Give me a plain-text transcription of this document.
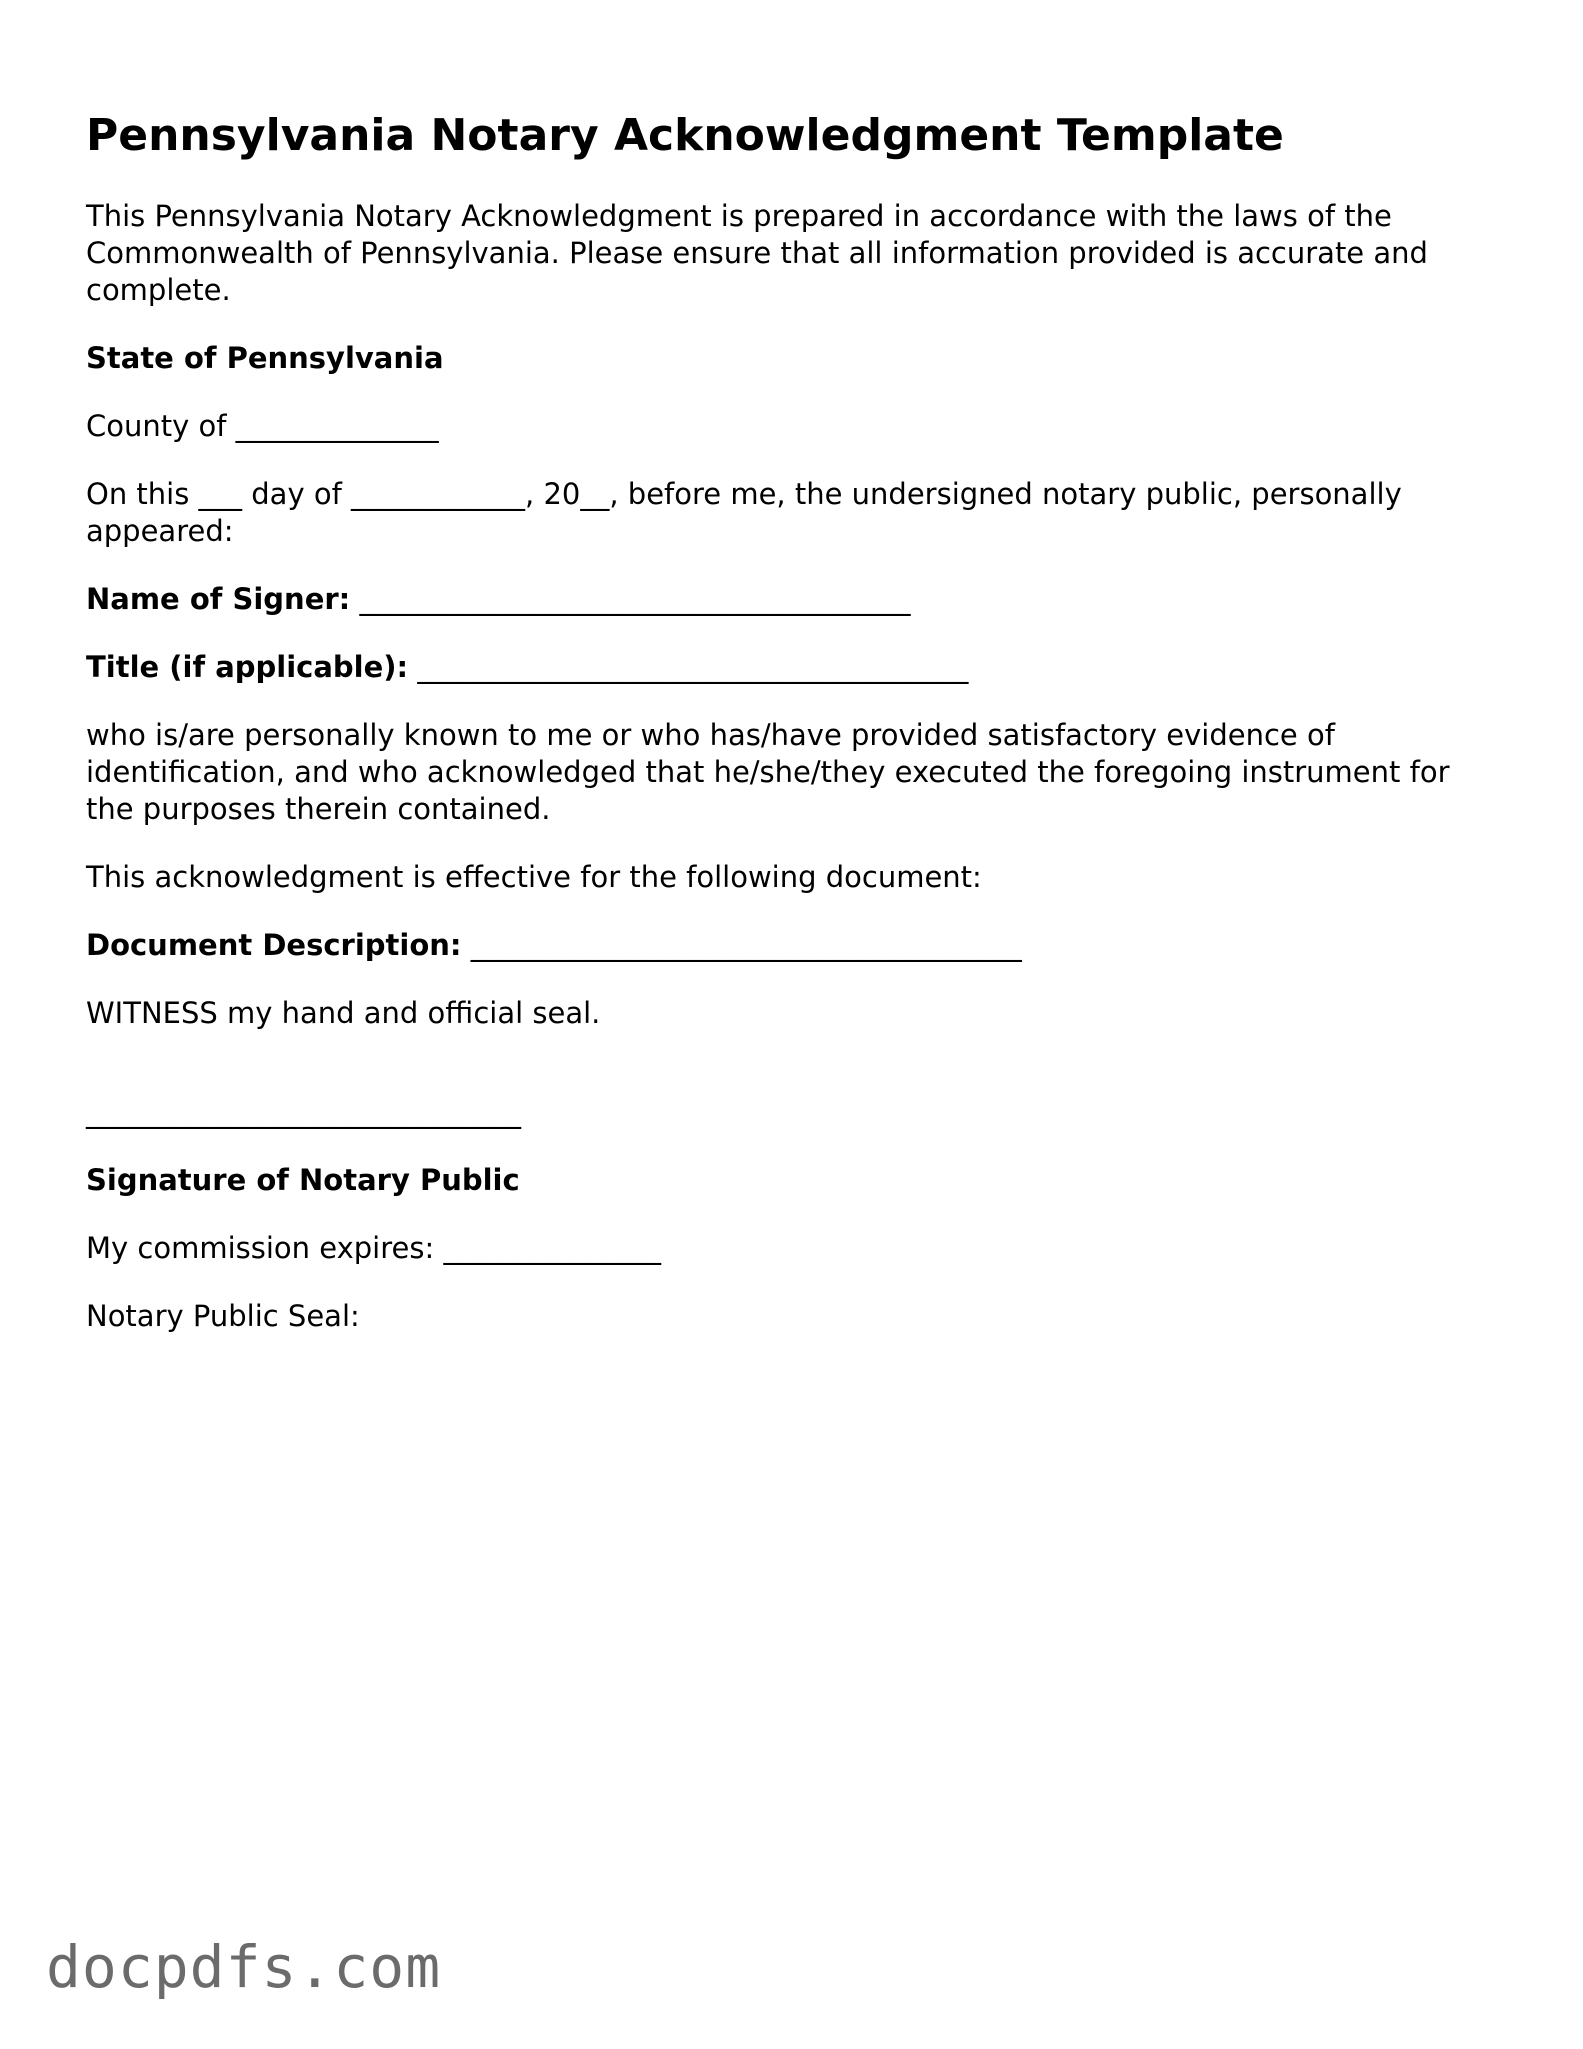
Pennsylvania Notary Acknowledgment Template
This Pennsylvania Notary Acknowledgment is prepared in accordance with the laws of the Commonwealth of Pennsylvania. Please ensure that all information provided is accurate and complete.
State of Pennsylvania
County of ______________
On this ___ day of ____________, 20__, before me, the undersigned notary public, personally appeared:
Name of Signer: ______________________________________
Title (if applicable): ______________________________________
who is/are personally known to me or who has/have provided satisfactory evidence of identification, and who acknowledged that he/she/they executed the foregoing instrument for the purposes therein contained.
This acknowledgment is effective for the following document:
Document Description: ______________________________________
WITNESS my hand and official seal.
______________________________
Signature of Notary Public
My commission expires: _______________
Notary Public Seal:
docpdfs.com
